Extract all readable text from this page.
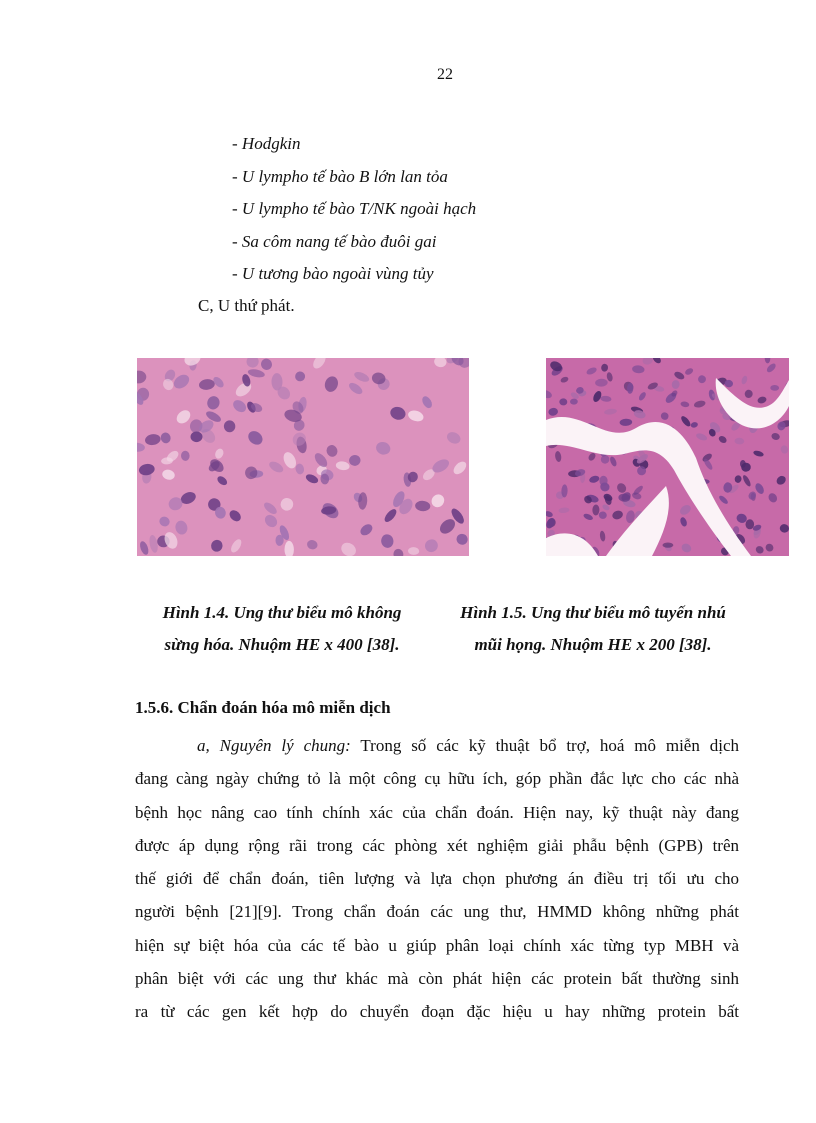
22
- Hodgkin
- U lympho tế bào B lớn lan tỏa
- U lympho tế bào T/NK ngoài hạch
- Sa côm nang tế bào đuôi gai
- U tương bào ngoài vùng tủy
C, U thứ phát.
Hình 1.4. Ung thư biểu mô không
sừng hóa. Nhuộm HE x 400 [38].
Hình 1.5. Ung thư biểu mô tuyến nhú
mũi họng. Nhuộm HE x 200 [38].
1.5.6. Chẩn đoán hóa mô miễn dịch
a, Nguyên lý chung: Trong số các kỹ thuật bổ trợ, hoá mô miễn dịch
đang càng ngày chứng tỏ là một công cụ hữu ích, góp phần đắc lực cho các nhà
bệnh học nâng cao tính chính xác của chẩn đoán. Hiện nay, kỹ thuật này đang
được áp dụng rộng rãi trong các phòng xét nghiệm giải phẫu bệnh (GPB) trên
thế giới để chẩn đoán, tiên lượng và lựa chọn phương án điều trị tối ưu cho
người bệnh [21][9]. Trong chẩn đoán các ung thư, HMMD không những phát
hiện sự biệt hóa của các tế bào u giúp phân loại chính xác từng typ MBH và
phân biệt với các ung thư khác mà còn phát hiện các protein bất thường sinh
ra từ các gen kết hợp do chuyển đoạn đặc hiệu u hay những protein bất
